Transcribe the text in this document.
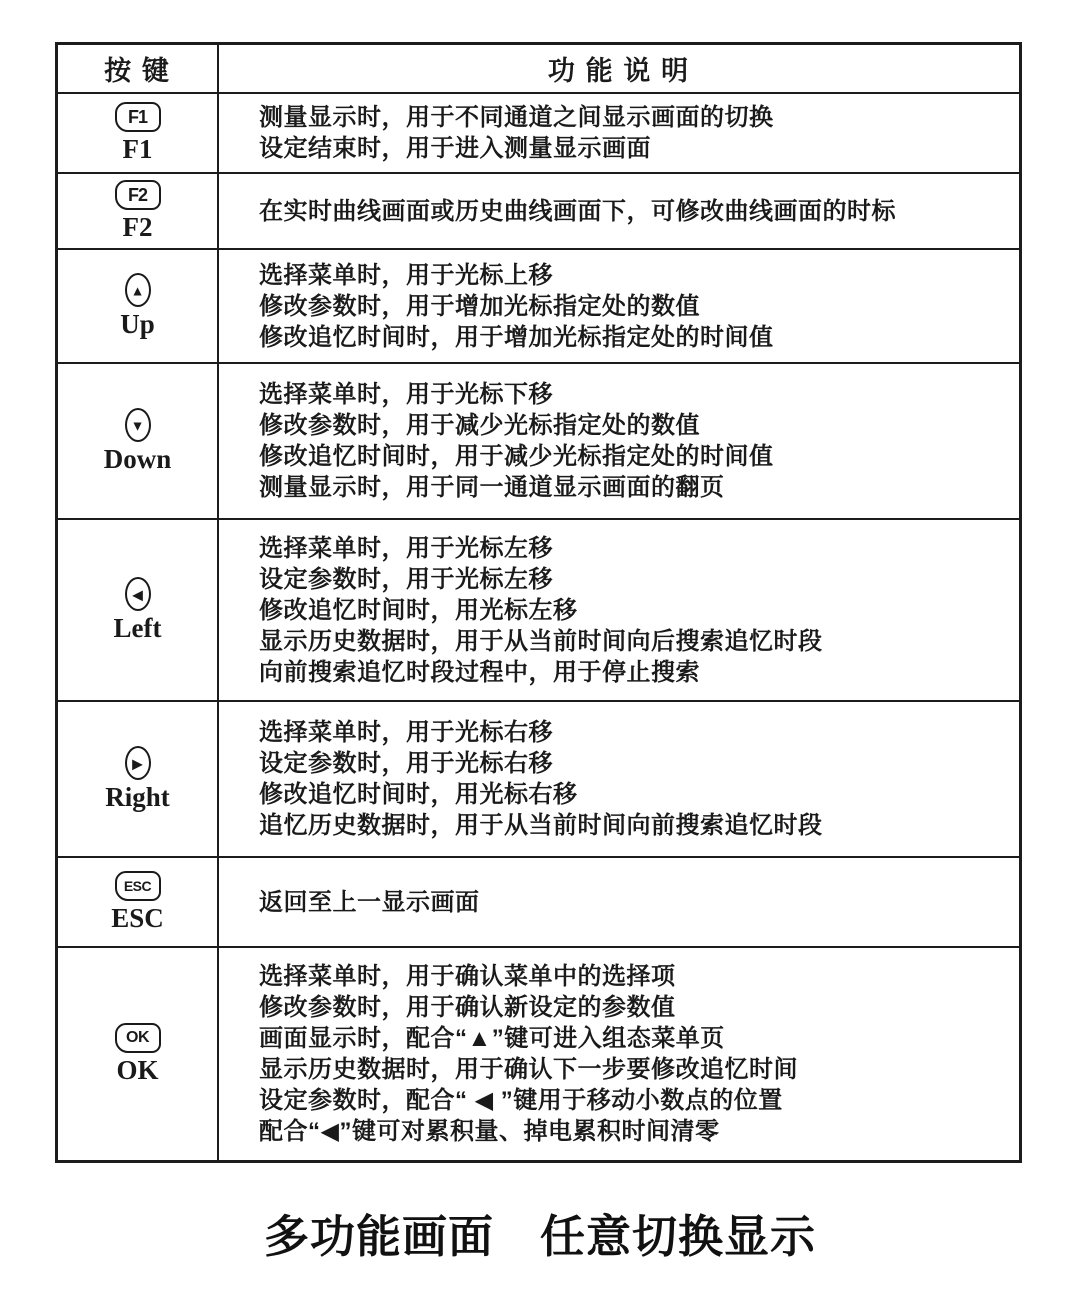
按 键	功 能 说 明
F1
F1
测量显示时，用于不同通道之间显示画面的切换
设定结束时，用于进入测量显示画面
F2
F2
在实时曲线画面或历史曲线画面下，可修改曲线画面的时标
▲
Up
选择菜单时，用于光标上移
修改参数时，用于增加光标指定处的数值
修改追忆时间时，用于增加光标指定处的时间值
▼
Down
选择菜单时，用于光标下移
修改参数时，用于减少光标指定处的数值
修改追忆时间时，用于减少光标指定处的时间值
测量显示时，用于同一通道显示画面的翻页
◀
Left
选择菜单时，用于光标左移
设定参数时，用于光标左移
修改追忆时间时，用光标左移
显示历史数据时，用于从当前时间向后搜索追忆时段
向前搜索追忆时段过程中，用于停止搜索
▶
Right
选择菜单时，用于光标右移
设定参数时，用于光标右移
修改追忆时间时，用光标右移
追忆历史数据时，用于从当前时间向前搜索追忆时段
ESC
ESC
返回至上一显示画面
OK
OK
选择菜单时，用于确认菜单中的选择项
修改参数时，用于确认新设定的参数值
画面显示时，配合“▲”键可进入组态菜单页
显示历史数据时，用于确认下一步要修改追忆时间
设定参数时，配合“ ◀ ”键用于移动小数点的位置
配合“◀”键可对累积量、掉电累积时间清零
多功能画面　任意切换显示
